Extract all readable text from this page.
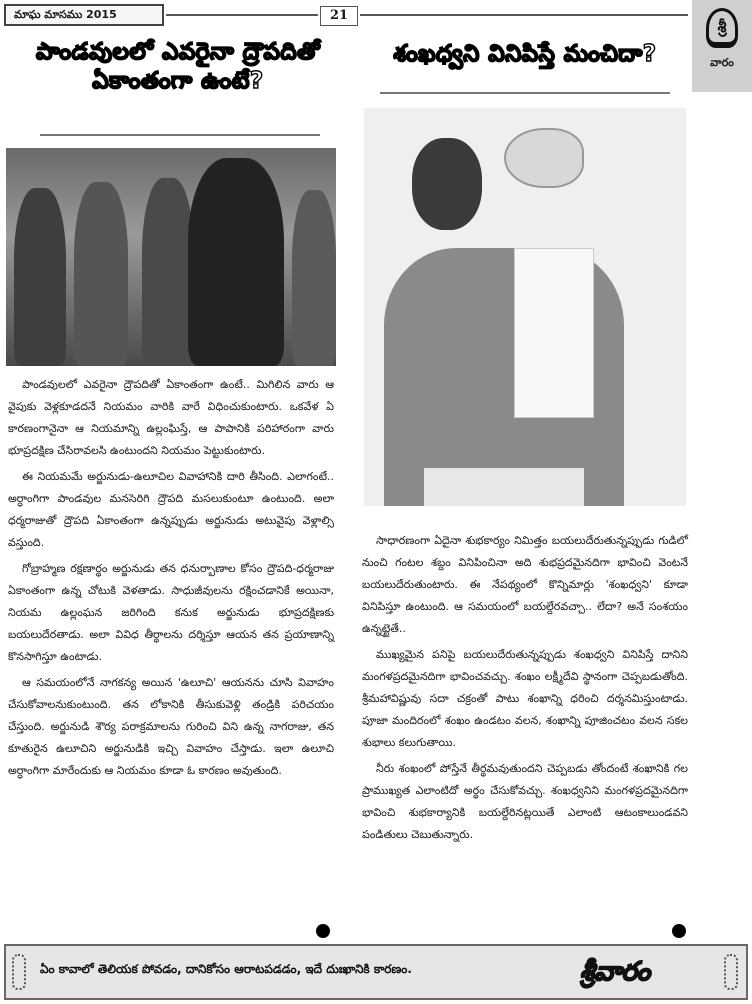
మాఘ మాసము 2015	21
శ్రీ
వారం
పాండవులలో ఎవరైనా ద్రౌపదితో ఏకాంతంగా ఉంటే?
శంఖధ్వని వినిపిస్తే మంచిదా?

పాండవులలో ఎవరైనా ద్రౌపదితో ఏకాంతంగా ఉంటే.. మిగిలిన వారు ఆ వైపుకు వెళ్లకూడదనే నియమం వారికి వారే విధించుకుంటారు. ఒకవేళ ఏ కారణంగానైనా ఆ నియమాన్ని ఉల్లంఘిస్తే, ఆ పాపానికి పరిహారంగా వారు భూప్రదక్షిణ చేసిరావలసి ఉంటుందని నియమం పెట్టుకుంటారు.

ఈ నియమమే అర్జునుడు-ఉలూచిల వివాహానికి దారి తీసింది. ఎలాగంటే.. అర్ధాంగిగా పాండవుల మనసెరిగి ద్రౌపది మసలుకుంటూ ఉంటుంది. అలా ధర్మరాజుతో ద్రౌపది ఏకాంతంగా ఉన్నప్పుడు అర్జునుడు అటువైపు వెళ్లాల్సి వస్తుంది.

గోబ్రాహ్మణ రక్షణార్థం అర్జునుడు తన ధనుర్బాణాల కోసం ద్రౌపది-ధర్మరాజు ఏకాంతంగా ఉన్న చోటుకి వెళతాడు. సాధుజీవులను రక్షించడానికే అయినా, నియమ ఉల్లంఘన జరిగింది కనుక అర్జునుడు భూప్రదక్షిణకు బయలుదేరతాడు. అలా వివిధ తీర్థాలను దర్శిస్తూ ఆయన తన ప్రయాణాన్ని కొనసాగిస్తూ ఉంటాడు.

ఆ సమయంలోనే నాగకన్య అయిన 'ఉలూచి' ఆయనను చూసి వివాహం చేసుకోవాలనుకుంటుంది. తన లోకానికి తీసుకువెళ్లి తండ్రికి పరిచయం చేస్తుంది. అర్జునుడి శౌర్య పరాక్రమాలను గురించి విని ఉన్న నాగరాజు, తన కూతురైన ఉలూచిని అర్జునుడికి ఇచ్చి వివాహం చేస్తాడు. ఇలా ఉలూచి అర్ధాంగిగా మారేందుకు ఆ నియమం కూడా ఓ కారణం అవుతుంది.

సాధారణంగా ఏదైనా శుభకార్యం నిమిత్తం బయలుదేరుతున్నప్పుడు గుడిలో నుంచి గంటల శబ్దం వినిపించినా అది శుభప్రదమైనదిగా భావించి వెంటనే బయలుదేరుతుంటారు. ఈ నేపథ్యంలో కొన్నిమార్లు 'శంఖధ్వని' కూడా వినిపిస్తూ ఉంటుంది. ఆ సమయంలో బయల్దేరవచ్చా.. లేదా? అనే సంశయం ఉన్నట్టైతే..

ముఖ్యమైన పనిపై బయలుదేరుతున్నప్పుడు శంఖధ్వని వినిపిస్తే దానిని మంగళప్రదమైనదిగా భావించవచ్చు. శంఖం లక్ష్మీదేవి స్థానంగా చెప్పబడుతోంది. శ్రీమహావిష్ణువు సదా చక్రంతో పాటు శంఖాన్ని ధరించి దర్శనమిస్తుంటాడు. పూజా మందిరంలో శంఖం ఉండటం వలన, శంఖాన్ని పూజించటం వలన సకల శుభాలు కలుగుతాయి.

నీరు శంఖంలో పోస్తేనే తీర్థమవుతుందని చెప్పబడు తోందంటే శంఖానికి గల ప్రాముఖ్యత ఎలాంటిదో అర్థం చేసుకోవచ్చు. శంఖధ్వనిని మంగళప్రదమైనదిగా భావించి శుభకార్యానికి బయల్దేరినట్లయితే ఎలాంటి ఆటంకాలుండవని పండితులు చెబుతున్నారు.

ఏం కావాలో తెలియక పోవడం, దానికోసం ఆరాటపడడం, ఇదే దుఃఖానికి కారణం.	శ్రీవారం
